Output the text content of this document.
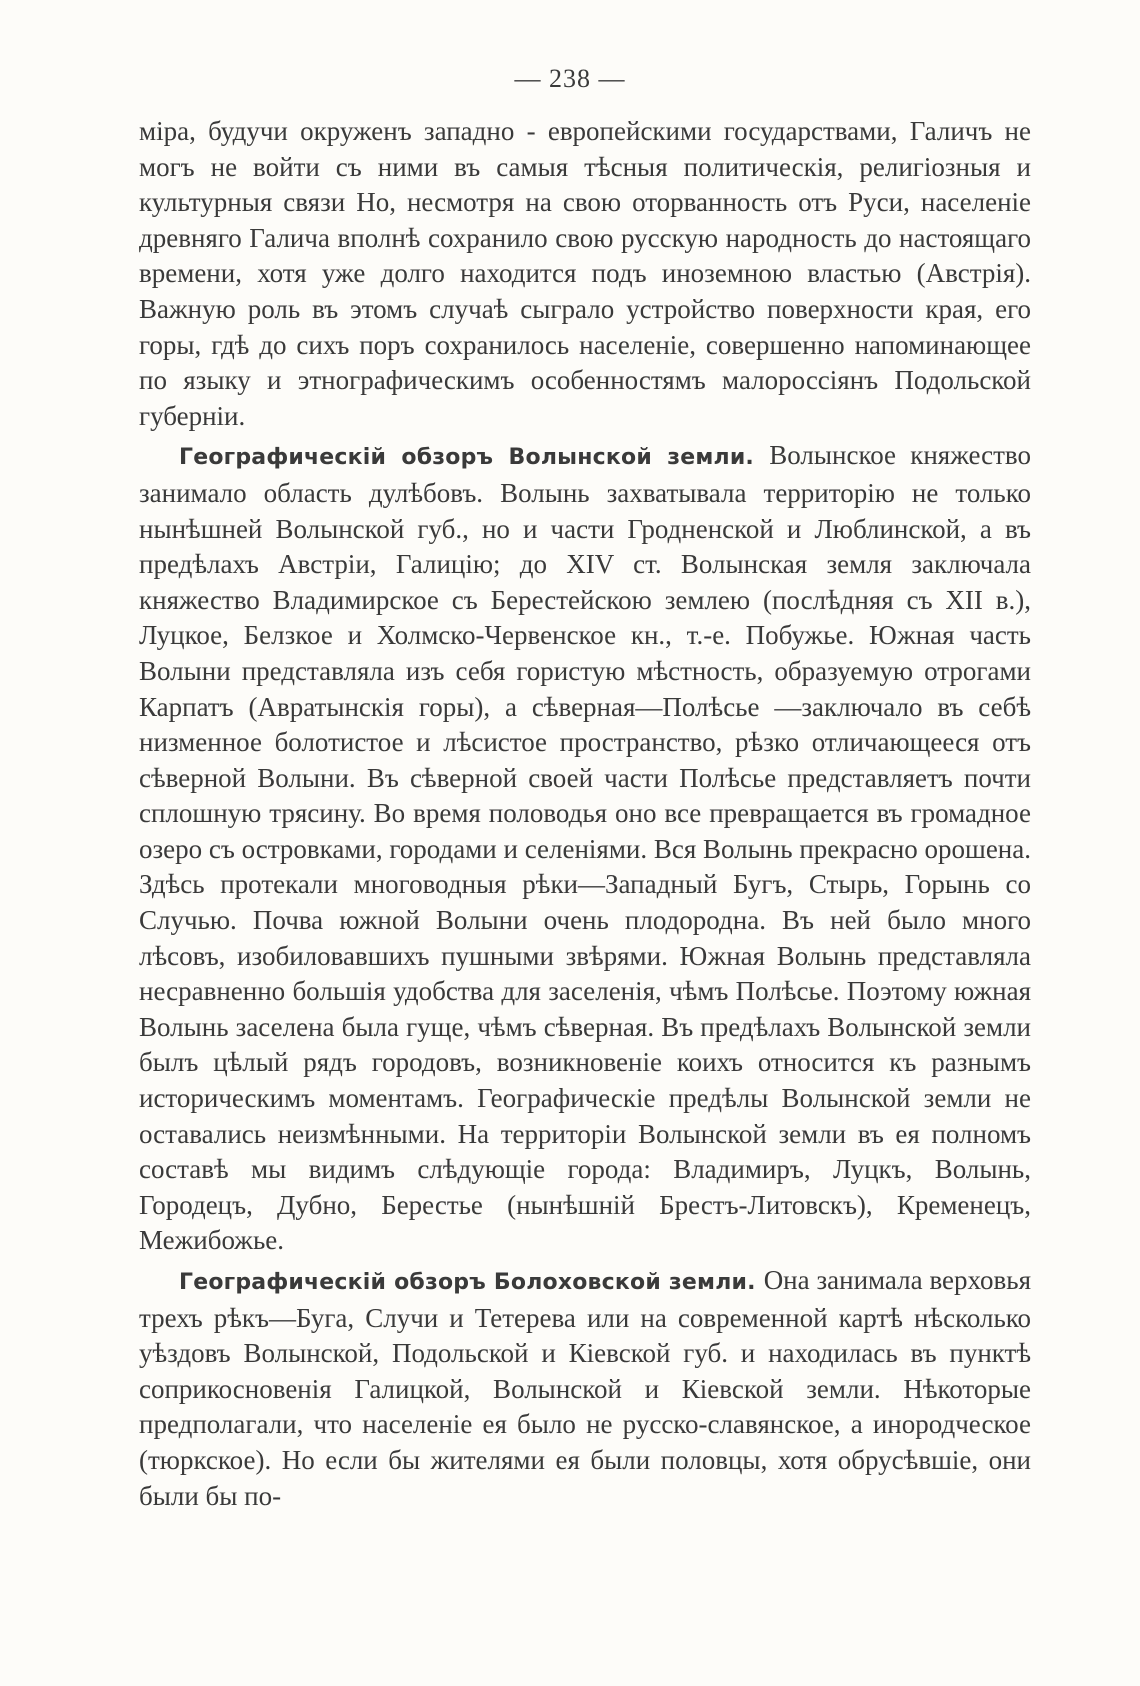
— 238 —

міра, будучи окруженъ западно - европейскими государствами, Галичъ не могъ не войти съ ними въ самыя тѣсныя политическія, религіозныя и культурныя связи Но, несмотря на свою оторванность отъ Руси, населеніе древняго Галича вполнѣ сохранило свою русскую народность до настоящаго времени, хотя уже долго находится подъ иноземною властью (Австрія). Важную роль въ этомъ случаѣ сыграло устройство поверхности края, его горы, гдѣ до сихъ поръ сохранилось населеніе, совершенно напоминающее по языку и этнографическимъ особенностямъ малороссіянъ Подольской губерніи.

Географическій обзоръ Волынской земли. Волынское княжество занимало область дулѣбовъ. Волынь захватывала территорію не только нынѣшней Волынской губ., но и части Гродненской и Люблинской, а въ предѣлахъ Австріи, Галицію; до XIV ст. Волынская земля заключала княжество Владимирское съ Берестейскою землею (послѣдняя съ XII в.), Луцкое, Белзкое и Холмско-Червенское кн., т.-е. Побужье. Южная часть Волыни представляла изъ себя гористую мѣстность, образуемую отрогами Карпатъ (Авратынскія горы), а сѣверная—Полѣсье —заключало въ себѣ низменное болотистое и лѣсистое пространство, рѣзко отличающееся отъ сѣверной Волыни. Въ сѣверной своей части Полѣсье представляетъ почти сплошную трясину. Во время половодья оно все превращается въ громадное озеро съ островками, городами и селеніями. Вся Волынь прекрасно орошена. Здѣсь протекали многоводныя рѣки—Западный Бугъ, Стырь, Горынь со Случью. Почва южной Волыни очень плодородна. Въ ней было много лѣсовъ, изобиловавшихъ пушными звѣрями. Южная Волынь представляла несравненно большія удобства для заселенія, чѣмъ Полѣсье. Поэтому южная Волынь заселена была гуще, чѣмъ сѣверная. Въ предѣлахъ Волынской земли былъ цѣлый рядъ городовъ, возникновеніе коихъ относится къ разнымъ историческимъ моментамъ. Географическіе предѣлы Волынской земли не оставались неизмѣнными. На территоріи Волынской земли въ ея полномъ составѣ мы видимъ слѣдующіе города: Владимиръ, Луцкъ, Волынь, Городецъ, Дубно, Берестье (нынѣшній Брестъ-Литовскъ), Кременецъ, Межибожье.

Географическій обзоръ Болоховской земли. Она занимала верховья трехъ рѣкъ—Буга, Случи и Тетерева или на современной картѣ нѣсколько уѣздовъ Волынской, Подольской и Кіевской губ. и находилась въ пунктѣ соприкосновенія Галицкой, Волынской и Кіевской земли. Нѣкоторые предполагали, что населеніе ея было не русско-славянское, а инородческое (тюркское). Но если бы жителями ея были половцы, хотя обрусѣвшіе, они были бы по-
